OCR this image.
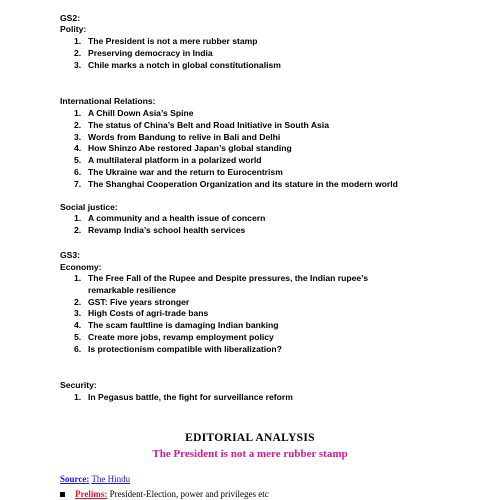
GS2:
Polity:
1. The President is not a mere rubber stamp
2. Preserving democracy in India
3. Chile marks a notch in global constitutionalism
International Relations:
1. A Chill Down Asia’s Spine
2. The status of China’s Belt and Road Initiative in South Asia
3. Words from Bandung to relive in Bali and Delhi
4. How Shinzo Abe restored Japan’s global standing
5. A multilateral platform in a polarized world
6. The Ukraine war and the return to Eurocentrism
7. The Shanghai Cooperation Organization and its stature in the modern world
Social justice:
1. A community and a health issue of concern
2. Revamp India’s school health services
GS3:
Economy:
1. The Free Fall of the Rupee and Despite pressures, the Indian rupee’s remarkable resilience
2. GST: Five years stronger
3. High Costs of agri-trade bans
4. The scam faultline is damaging Indian banking
5. Create more jobs, revamp employment policy
6. Is protectionism compatible with liberalization?
Security:
1. In Pegasus battle, the fight for surveillance reform
EDITORIAL ANALYSIS
The President is not a mere rubber stamp
Source: The Hindu
Prelims: President-Election, power and privileges etc
